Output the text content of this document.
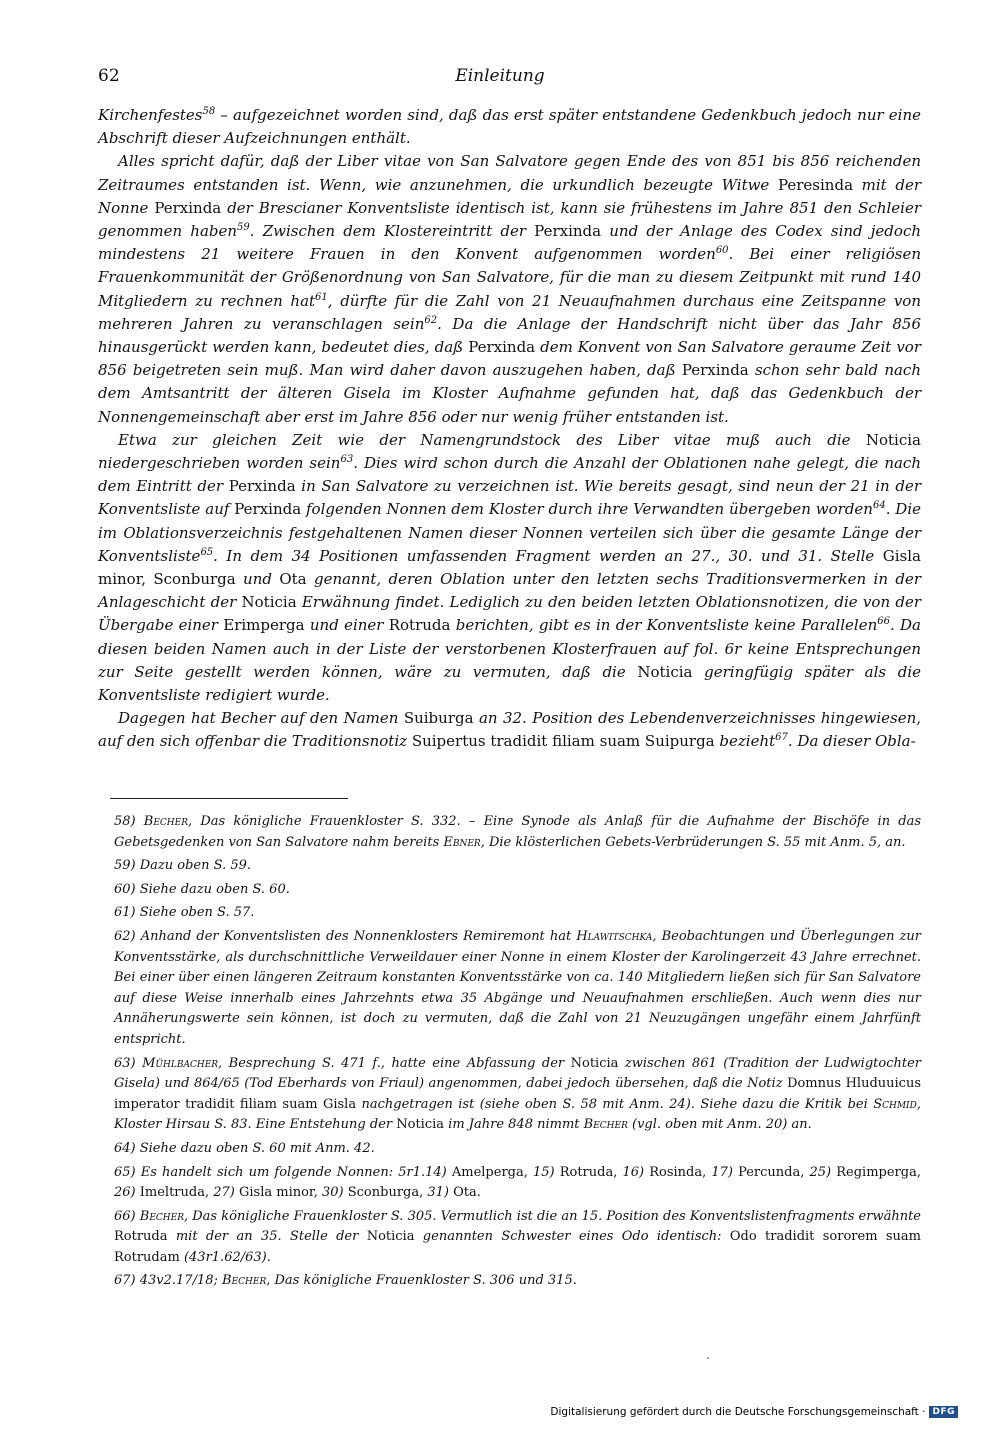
62	Einleitung

Kirchenfestes$^{58}$ – aufgezeichnet worden sind, daß das erst später entstandene Gedenkbuch jedoch nur eine Abschrift dieser Aufzeichnungen enthält.

Alles spricht dafür, daß der Liber vitae von San Salvatore gegen Ende des von 851 bis 856 reichenden Zeitraumes entstanden ist. Wenn, wie anzunehmen, die urkundlich bezeugte Witwe Peresinda mit der Nonne Perxinda der Brescianer Konventsliste identisch ist, kann sie frühestens im Jahre 851 den Schleier genommen haben$^{59}$. Zwischen dem Klostereintritt der Perxinda und der Anlage des Codex sind jedoch mindestens 21 weitere Frauen in den Konvent aufgenommen worden$^{60}$. Bei einer religiösen Frauenkommunität der Größenordnung von San Salvatore, für die man zu diesem Zeitpunkt mit rund 140 Mitgliedern zu rechnen hat$^{61}$, dürfte für die Zahl von 21 Neuaufnahmen durchaus eine Zeitspanne von mehreren Jahren zu veranschlagen sein$^{62}$. Da die Anlage der Handschrift nicht über das Jahr 856 hinausgerückt werden kann, bedeutet dies, daß Perxinda dem Konvent von San Salvatore geraume Zeit vor 856 beigetreten sein muß. Man wird daher davon auszugehen haben, daß Perxinda schon sehr bald nach dem Amtsantritt der älteren Gisela im Kloster Aufnahme gefunden hat, daß das Gedenkbuch der Nonnengemeinschaft aber erst im Jahre 856 oder nur wenig früher entstanden ist.

Etwa zur gleichen Zeit wie der Namengrundstock des Liber vitae muß auch die Noticia niedergeschrieben worden sein$^{63}$. Dies wird schon durch die Anzahl der Oblationen nahe gelegt, die nach dem Eintritt der Perxinda in San Salvatore zu verzeichnen ist. Wie bereits gesagt, sind neun der 21 in der Konventsliste auf Perxinda folgenden Nonnen dem Kloster durch ihre Verwandten übergeben worden$^{64}$. Die im Oblationsverzeichnis festgehaltenen Namen dieser Nonnen verteilen sich über die gesamte Länge der Konventsliste$^{65}$. In dem 34 Positionen umfassenden Fragment werden an 27., 30. und 31. Stelle Gisla minor, Sconburga und Ota genannt, deren Oblation unter den letzten sechs Traditionsvermerken in der Anlageschicht der Noticia Erwähnung findet. Lediglich zu den beiden letzten Oblationsnotizen, die von der Übergabe einer Erimperga und einer Rotruda berichten, gibt es in der Konventsliste keine Parallelen$^{66}$. Da diesen beiden Namen auch in der Liste der verstorbenen Klosterfrauen auf fol. 6r keine Entsprechungen zur Seite gestellt werden können, wäre zu vermuten, daß die Noticia geringfügig später als die Konventsliste redigiert wurde.

Dagegen hat Becher auf den Namen Suiburga an 32. Position des Lebendenverzeichnisses hingewiesen, auf den sich offenbar die Traditionsnotiz Suipertus tradidit filiam suam Suipurga bezieht$^{67}$. Da dieser Obla-

58) Becher, Das königliche Frauenkloster S. 332. – Eine Synode als Anlaß für die Aufnahme der Bischöfe in das Gebetsgedenken von San Salvatore nahm bereits Ebner, Die klösterlichen Gebets-Verbrüderungen S. 55 mit Anm. 5, an.

59) Dazu oben S. 59.

60) Siehe dazu oben S. 60.

61) Siehe oben S. 57.

62) Anhand der Konventslisten des Nonnenklosters Remiremont hat Hlawitschka, Beobachtungen und Überlegungen zur Konventsstärke, als durchschnittliche Verweildauer einer Nonne in einem Kloster der Karolingerzeit 43 Jahre errechnet. Bei einer über einen längeren Zeitraum konstanten Konventsstärke von ca. 140 Mitgliedern ließen sich für San Salvatore auf diese Weise innerhalb eines Jahrzehnts etwa 35 Abgänge und Neuaufnahmen erschließen. Auch wenn dies nur Annäherungswerte sein können, ist doch zu vermuten, daß die Zahl von 21 Neuzugängen ungefähr einem Jahrfünft entspricht.

63) Mühlbacher, Besprechung S. 471 f., hatte eine Abfassung der Noticia zwischen 861 (Tradition der Ludwigtochter Gisela) und 864/65 (Tod Eberhards von Friaul) angenommen, dabei jedoch übersehen, daß die Notiz Domnus Hluduuicus imperator tradidit filiam suam Gisla nachgetragen ist (siehe oben S. 58 mit Anm. 24). Siehe dazu die Kritik bei Schmid, Kloster Hirsau S. 83. Eine Entstehung der Noticia im Jahre 848 nimmt Becher (vgl. oben mit Anm. 20) an.

64) Siehe dazu oben S. 60 mit Anm. 42.

65) Es handelt sich um folgende Nonnen: 5r1.14) Amelperga, 15) Rotruda, 16) Rosinda, 17) Percunda, 25) Regimperga, 26) Imeltruda, 27) Gisla minor, 30) Sconburga, 31) Ota.

66) Becher, Das königliche Frauenkloster S. 305. Vermutlich ist die an 15. Position des Konventslistenfragments erwähnte Rotruda mit der an 35. Stelle der Noticia genannten Schwester eines Odo identisch: Odo tradidit sororem suam Rotrudam (43r1.62/63).

67) 43v2.17/18; Becher, Das königliche Frauenkloster S. 306 und 315.

Digitalisierung gefördert durch die Deutsche Forschungsgemeinschaft · DFG
